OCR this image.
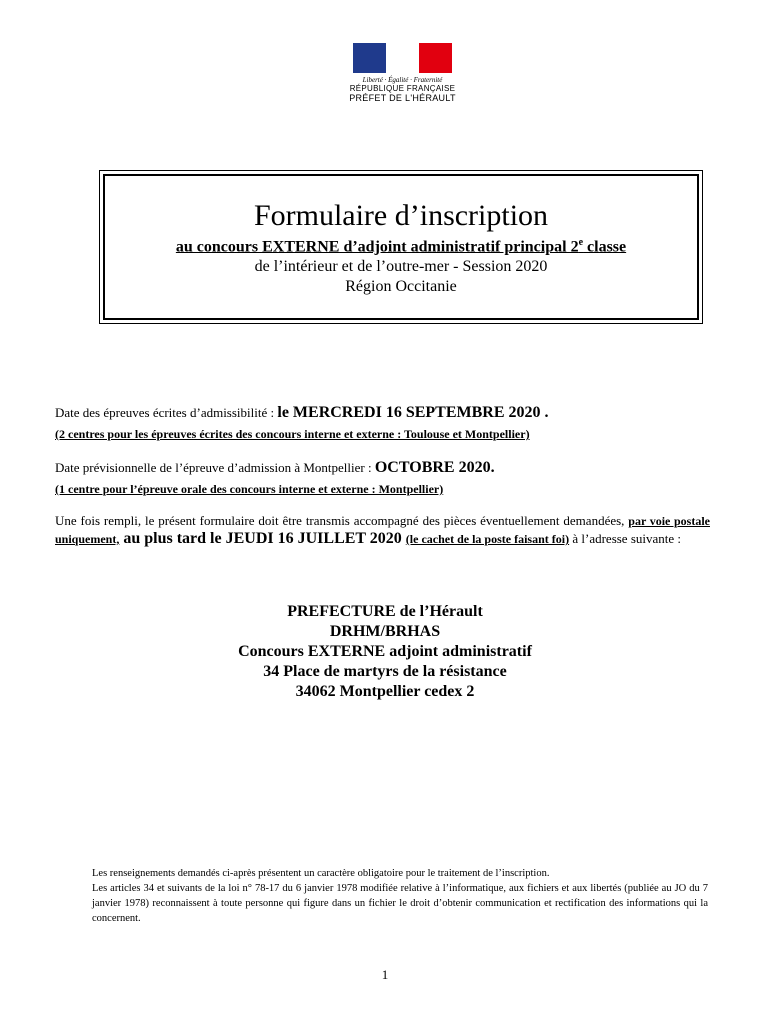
Liberté · Égalité · Fraternité
RÉPUBLIQUE FRANÇAISE
PRÉFET DE L'HÉRAULT
Formulaire d’inscription
au concours EXTERNE d’adjoint administratif principal 2e classe
de l’intérieur et de l’outre-mer - Session 2020
Région Occitanie
Date des épreuves écrites d’admissibilité : le MERCREDI 16 SEPTEMBRE 2020 .
(2 centres pour les épreuves écrites des concours interne et externe : Toulouse et Montpellier)
Date prévisionnelle de l’épreuve d’admission à Montpellier : OCTOBRE 2020.
(1 centre pour l’épreuve orale des concours interne et externe : Montpellier)
Une fois rempli, le présent formulaire doit être transmis accompagné des pièces éventuellement demandées, par voie postale uniquement, au plus tard le JEUDI 16 JUILLET 2020 (le cachet de la poste faisant foi) à l’adresse suivante :
PREFECTURE de l’Hérault
DRHM/BRHAS
Concours EXTERNE adjoint administratif
34 Place de martyrs de la résistance
34062 Montpellier cedex 2
Les renseignements demandés ci-après présentent un caractère obligatoire pour le traitement de l’inscription.
Les articles 34 et suivants de la loi n° 78-17 du 6 janvier 1978 modifiée relative à l’informatique, aux fichiers et aux libertés (publiée au JO du 7 janvier 1978) reconnaissent à toute personne qui figure dans un fichier le droit d’obtenir communication et rectification des informations qui la concernent.
1
